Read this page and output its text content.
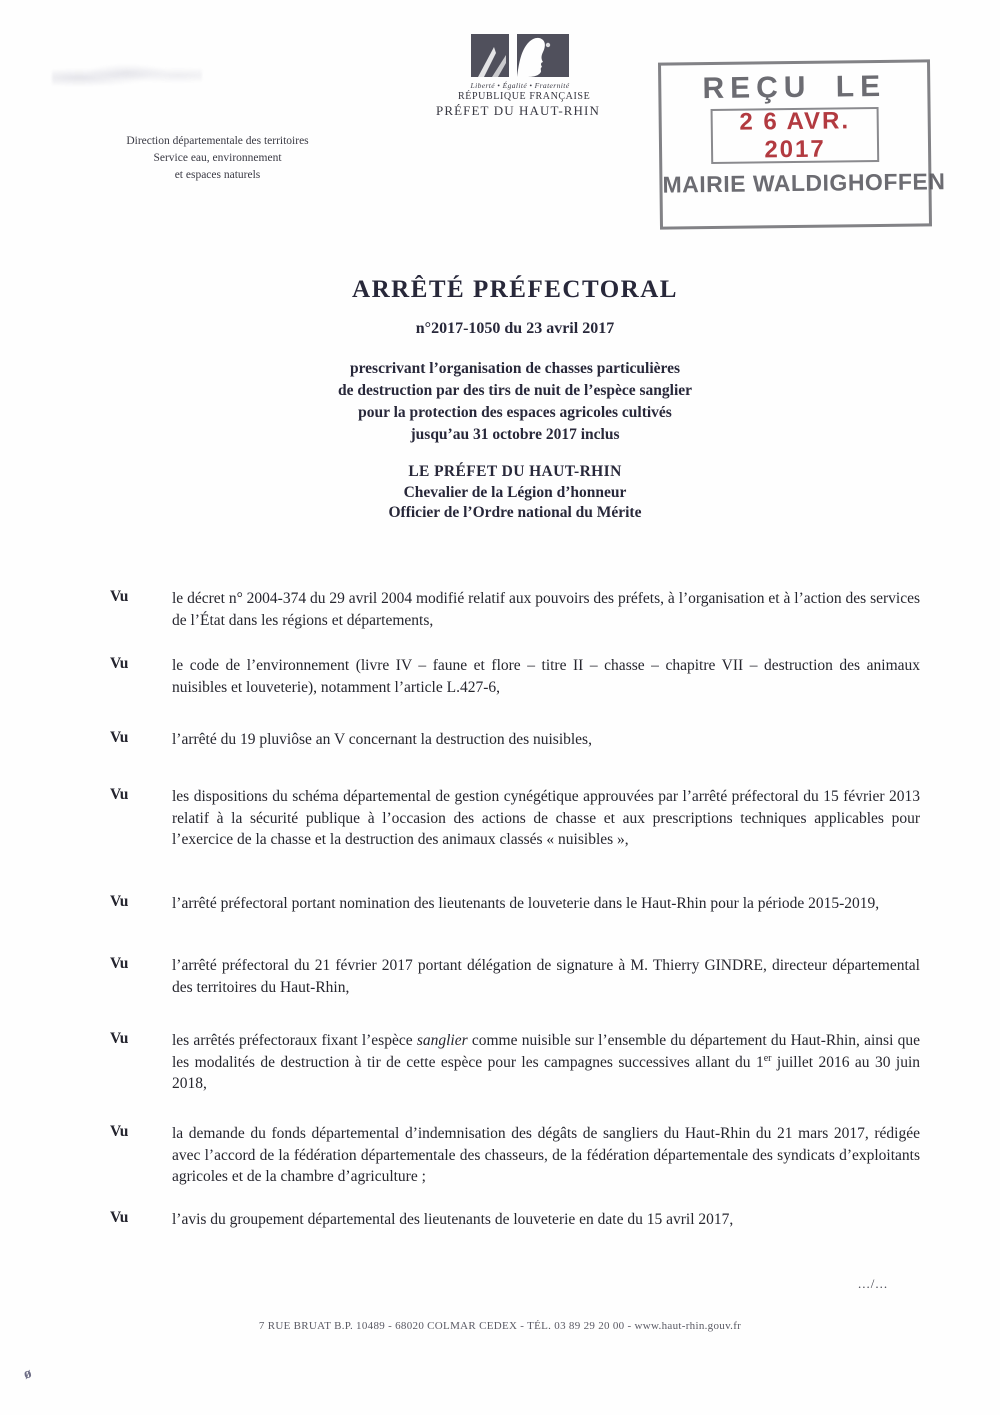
Liberté • Égalité • Fraternité
RÉPUBLIQUE FRANÇAISE
PRÉFET DU HAUT-RHIN
Direction départementale des territoires
Service eau, environnement
et espaces naturels
REÇU LE
2 6 AVR. 2017
MAIRIE WALDIGHOFFEN
ARRÊTÉ PRÉFECTORAL
n°2017-1050 du 23 avril 2017
prescrivant l’organisation de chasses particulières
de destruction par des tirs de nuit de l’espèce sanglier
pour la protection des espaces agricoles cultivés
jusqu’au 31 octobre 2017 inclus
LE PRÉFET DU HAUT-RHIN
Chevalier de la Légion d’honneur
Officier de l’Ordre national du Mérite
Vu	le décret n° 2004-374 du 29 avril 2004 modifié relatif aux pouvoirs des préfets, à l’organisation et à l’action des services de l’État dans les régions et départements,

Vu	le code de l’environnement (livre IV – faune et flore – titre II – chasse – chapitre VII – destruction des animaux nuisibles et louveterie), notamment l’article L.427-6,

Vu	l’arrêté du 19 pluviôse an V concernant la destruction des nuisibles,

Vu	les dispositions du schéma départemental de gestion cynégétique approuvées par l’arrêté préfectoral du 15 février 2013 relatif à la sécurité publique à l’occasion des actions de chasse et aux prescriptions techniques applicables pour l’exercice de la chasse et la destruction des animaux classés « nuisibles »,

Vu	l’arrêté préfectoral portant nomination des lieutenants de louveterie dans le Haut-Rhin pour la période 2015-2019,

Vu	l’arrêté préfectoral du 21 février 2017 portant délégation de signature à M. Thierry GINDRE, directeur départemental des territoires du Haut-Rhin,

Vu	les arrêtés préfectoraux fixant l’espèce sanglier comme nuisible sur l’ensemble du département du Haut-Rhin, ainsi que les modalités de destruction à tir de cette espèce pour les campagnes successives allant du 1er juillet 2016 au 30 juin 2018,

Vu	la demande du fonds départemental d’indemnisation des dégâts de sangliers du Haut-Rhin du 21 mars 2017, rédigée avec l’accord de la fédération départementale des chasseurs, de la fédération départementale des syndicats d’exploitants agricoles et de la chambre d’agriculture ;

Vu	l’avis du groupement départemental des lieutenants de louveterie en date du 15 avril 2017,

.../...
7 RUE BRUAT B.P. 10489 - 68020 COLMAR CEDEX - TÉL. 03 89 29 20 00 - www.haut-rhin.gouv.fr
ø
